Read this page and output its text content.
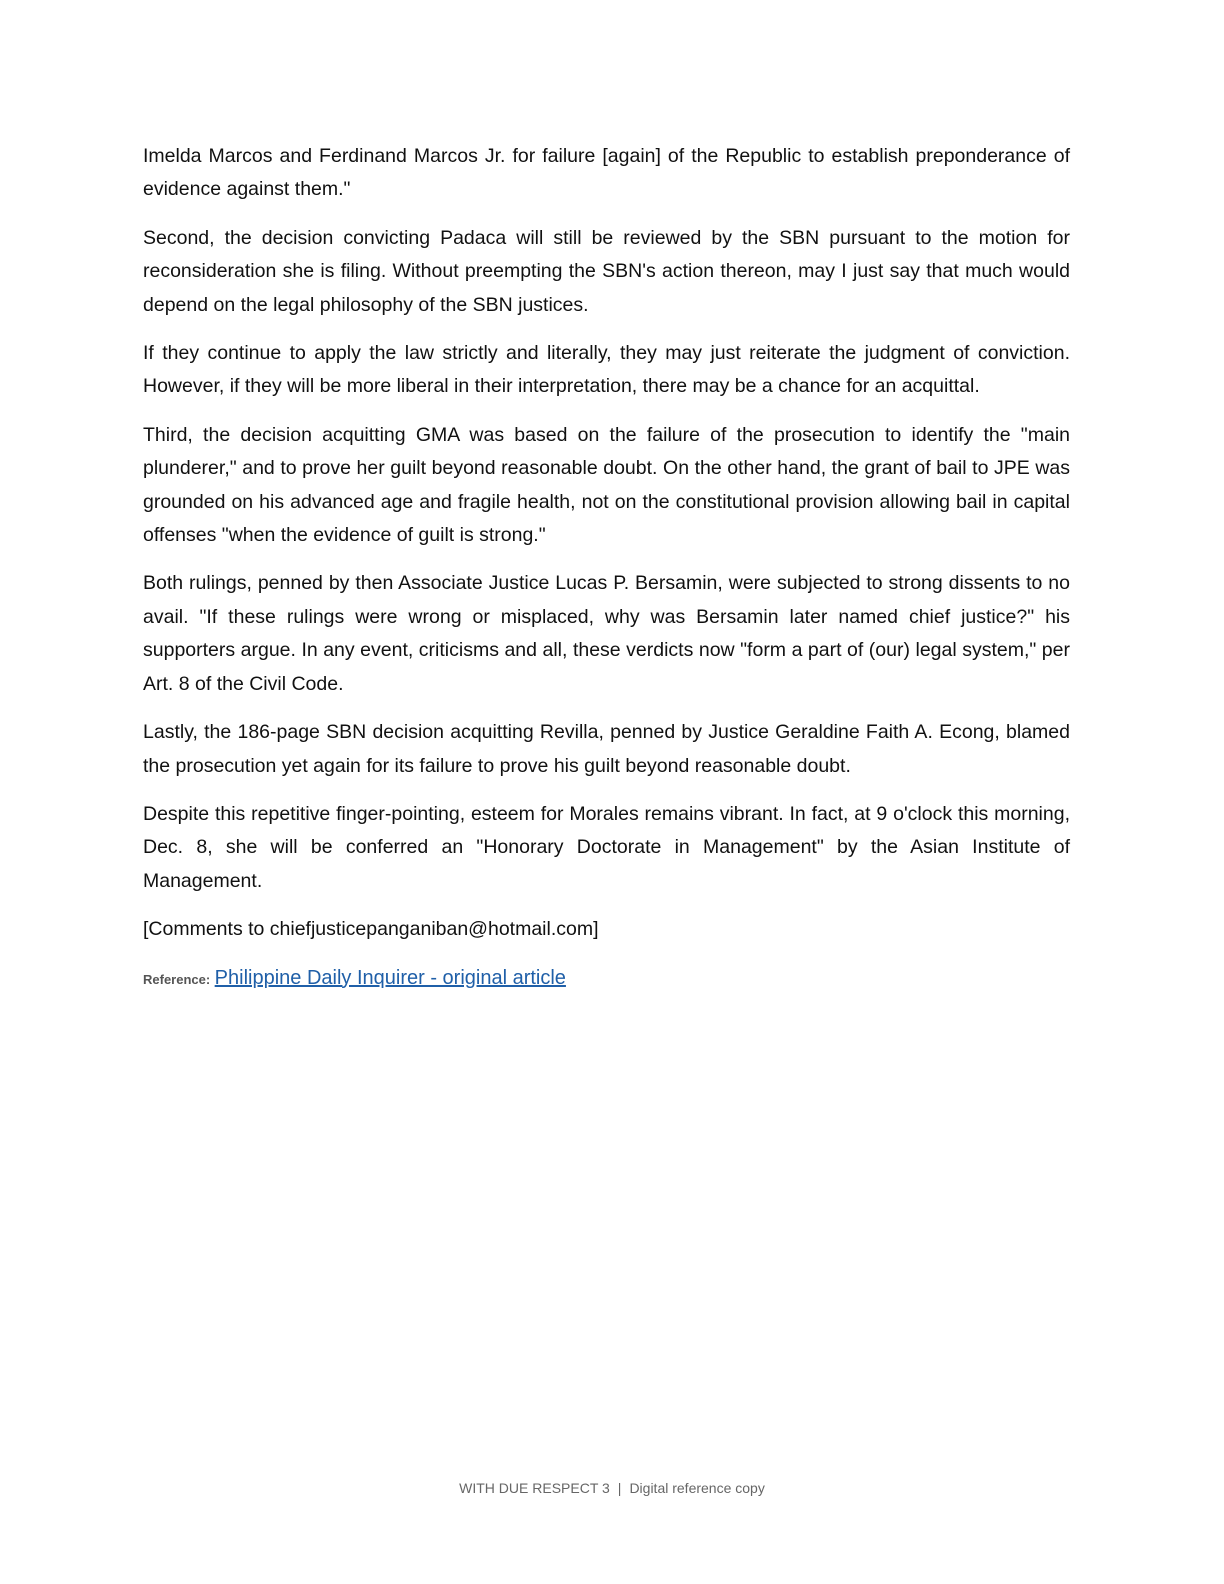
Imelda Marcos and Ferdinand Marcos Jr. for failure [again] of the Republic to establish preponderance of evidence against them."

Second, the decision convicting Padaca will still be reviewed by the SBN pursuant to the motion for reconsideration she is filing. Without preempting the SBN's action thereon, may I just say that much would depend on the legal philosophy of the SBN justices.

If they continue to apply the law strictly and literally, they may just reiterate the judgment of conviction. However, if they will be more liberal in their interpretation, there may be a chance for an acquittal.

Third, the decision acquitting GMA was based on the failure of the prosecution to identify the "main plunderer," and to prove her guilt beyond reasonable doubt. On the other hand, the grant of bail to JPE was grounded on his advanced age and fragile health, not on the constitutional provision allowing bail in capital offenses "when the evidence of guilt is strong."

Both rulings, penned by then Associate Justice Lucas P. Bersamin, were subjected to strong dissents to no avail. "If these rulings were wrong or misplaced, why was Bersamin later named chief justice?" his supporters argue. In any event, criticisms and all, these verdicts now "form a part of (our) legal system," per Art. 8 of the Civil Code.

Lastly, the 186-page SBN decision acquitting Revilla, penned by Justice Geraldine Faith A. Econg, blamed the prosecution yet again for its failure to prove his guilt beyond reasonable doubt.

Despite this repetitive finger-pointing, esteem for Morales remains vibrant. In fact, at 9 o'clock this morning, Dec. 8, she will be conferred an "Honorary Doctorate in Management" by the Asian Institute of Management.

[Comments to chiefjusticepanganiban@hotmail.com]

Reference: Philippine Daily Inquirer - original article
WITH DUE RESPECT 3 | Digital reference copy
